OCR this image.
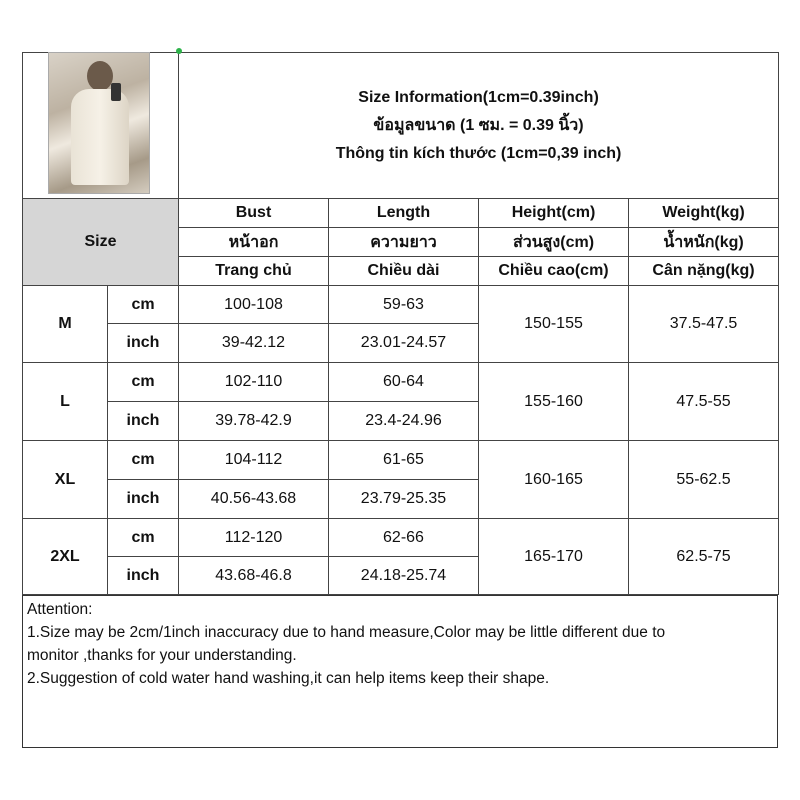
		Size Information(1cm=0.39inch)
ข้อมูลขนาด (1 ซม. = 0.39 นิ้ว)
Thông tin kích thước (1cm=0,39 inch)			

Size		Bust	Length	Height(cm)	Weight(kg)
		หน้าอก	ความยาว	ส่วนสูง(cm)	น้ำหนัก(kg)
		Trang chủ	Chiều dài	Chiều cao(cm)	Cân nặng(kg)
M	cm	100-108	59-63	150-155	37.5-47.5
	inch	39-42.12	23.01-24.57		
L	cm	102-110	60-64	155-160	47.5-55
	inch	39.78-42.9	23.4-24.96		
XL	cm	104-112	61-65	160-165	55-62.5
	inch	40.56-43.68	23.79-25.35		
2XL	cm	112-120	62-66	165-170	62.5-75
	inch	43.68-46.8	24.18-25.74		
Attention:
1.Size may be 2cm/1inch inaccuracy due to hand measure,Color may be little different due to
monitor ,thanks for your understanding.
2.Suggestion of cold water hand washing,it can help items keep their shape.
